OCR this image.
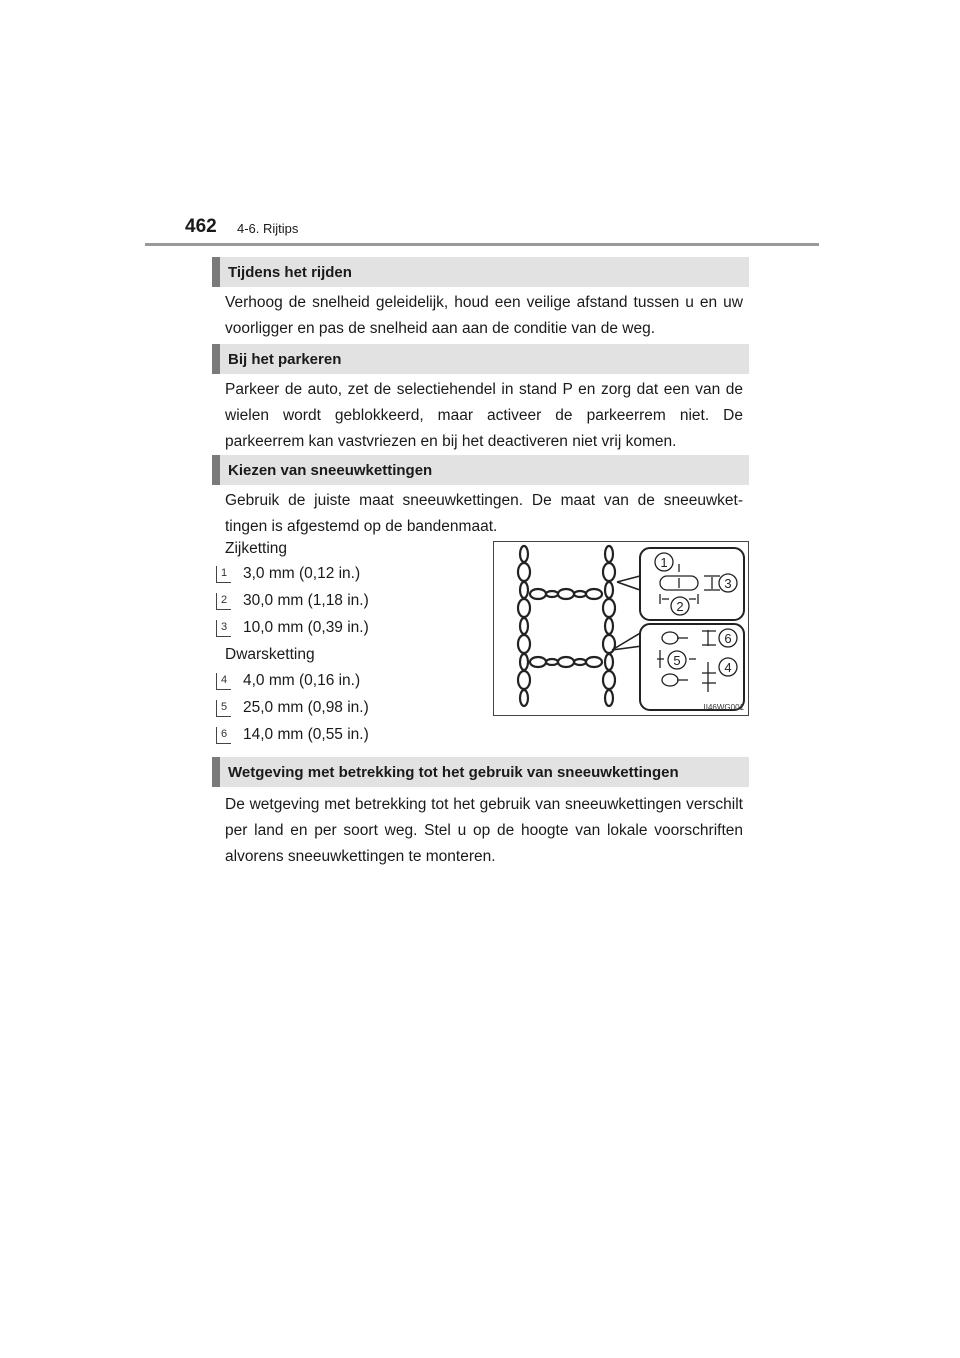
462 4-6. Rijtips
Tijdens het rijden
Verhoog de snelheid geleidelijk, houd een veilige afstand tussen u en uw voorligger en pas de snelheid aan aan de conditie van de weg.
Bij het parkeren
Parkeer de auto, zet de selectiehendel in stand P en zorg dat een van de wielen wordt geblokkeerd, maar activeer de parkeerrem niet. De parkeerrem kan vastvriezen en bij het deactiveren niet vrij komen.
Kiezen van sneeuwkettingen
Gebruik de juiste maat sneeuwkettingen. De maat van de sneeuwket-tingen is afgestemd op de bandenmaat.
Zijketting
1 3,0 mm (0,12 in.)
2 30,0 mm (1,18 in.)
3 10,0 mm (0,39 in.)
Dwarsketting
4 4,0 mm (0,16 in.)
5 25,0 mm (0,98 in.)
6 14,0 mm (0,55 in.)
1
2
3
4
5
6
II46WG001
Wetgeving met betrekking tot het gebruik van sneeuwkettingen
De wetgeving met betrekking tot het gebruik van sneeuwkettingen verschilt per land en per soort weg. Stel u op de hoogte van lokale voorschriften alvorens sneeuwkettingen te monteren.
